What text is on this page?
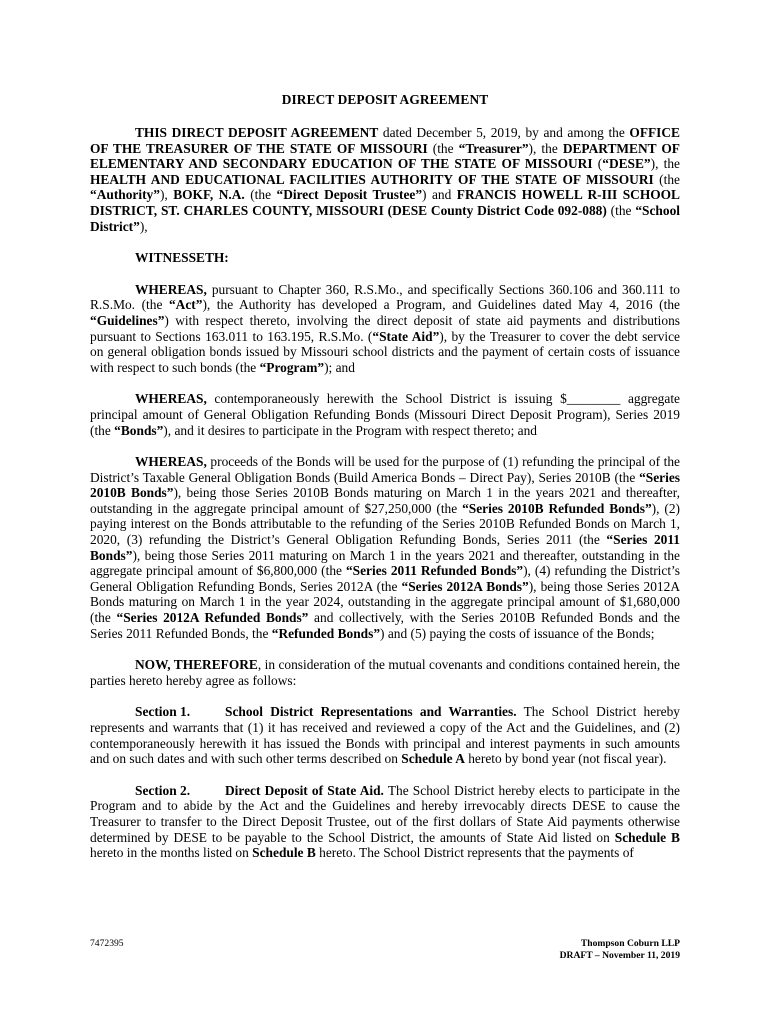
DIRECT DEPOSIT AGREEMENT

THIS DIRECT DEPOSIT AGREEMENT dated December 5, 2019, by and among the OFFICE OF THE TREASURER OF THE STATE OF MISSOURI (the “Treasurer”), the DEPARTMENT OF ELEMENTARY AND SECONDARY EDUCATION OF THE STATE OF MISSOURI (“DESE”), the HEALTH AND EDUCATIONAL FACILITIES AUTHORITY OF THE STATE OF MISSOURI (the “Authority”), BOKF, N.A. (the “Direct Deposit Trustee”) and FRANCIS HOWELL R-III SCHOOL DISTRICT, ST. CHARLES COUNTY, MISSOURI (DESE County District Code 092-088) (the “School District”),

WITNESSETH:

WHEREAS, pursuant to Chapter 360, R.S.Mo., and specifically Sections 360.106 and 360.111 to R.S.Mo. (the “Act”), the Authority has developed a Program, and Guidelines dated May 4, 2016 (the “Guidelines”) with respect thereto, involving the direct deposit of state aid payments and distributions pursuant to Sections 163.011 to 163.195, R.S.Mo. (“State Aid”), by the Treasurer to cover the debt service on general obligation bonds issued by Missouri school districts and the payment of certain costs of issuance with respect to such bonds (the “Program”); and

WHEREAS, contemporaneously herewith the School District is issuing $________ aggregate principal amount of General Obligation Refunding Bonds (Missouri Direct Deposit Program), Series 2019 (the “Bonds”), and it desires to participate in the Program with respect thereto; and

WHEREAS, proceeds of the Bonds will be used for the purpose of (1) refunding the principal of the District’s Taxable General Obligation Bonds (Build America Bonds – Direct Pay), Series 2010B (the “Series 2010B Bonds”), being those Series 2010B Bonds maturing on March 1 in the years 2021 and thereafter, outstanding in the aggregate principal amount of $27,250,000 (the “Series 2010B Refunded Bonds”), (2) paying interest on the Bonds attributable to the refunding of the Series 2010B Refunded Bonds on March 1, 2020, (3) refunding the District’s General Obligation Refunding Bonds, Series 2011 (the “Series 2011 Bonds”), being those Series 2011 maturing on March 1 in the years 2021 and thereafter, outstanding in the aggregate principal amount of $6,800,000 (the “Series 2011 Refunded Bonds”), (4) refunding the District’s General Obligation Refunding Bonds, Series 2012A (the “Series 2012A Bonds”), being those Series 2012A Bonds maturing on March 1 in the year 2024, outstanding in the aggregate principal amount of $1,680,000 (the “Series 2012A Refunded Bonds” and collectively, with the Series 2010B Refunded Bonds and the Series 2011 Refunded Bonds, the “Refunded Bonds”) and (5) paying the costs of issuance of the Bonds;

NOW, THEREFORE, in consideration of the mutual covenants and conditions contained herein, the parties hereto hereby agree as follows:

Section 1.	School District Representations and Warranties. The School District hereby represents and warrants that (1) it has received and reviewed a copy of the Act and the Guidelines, and (2) contemporaneously herewith it has issued the Bonds with principal and interest payments in such amounts and on such dates and with such other terms described on Schedule A hereto by bond year (not fiscal year).

Section 2.	Direct Deposit of State Aid. The School District hereby elects to participate in the Program and to abide by the Act and the Guidelines and hereby irrevocably directs DESE to cause the Treasurer to transfer to the Direct Deposit Trustee, out of the first dollars of State Aid payments otherwise determined by DESE to be payable to the School District, the amounts of State Aid listed on Schedule B hereto in the months listed on Schedule B hereto. The School District represents that the payments of

7472395	Thompson Coburn LLP
DRAFT – November 11, 2019
